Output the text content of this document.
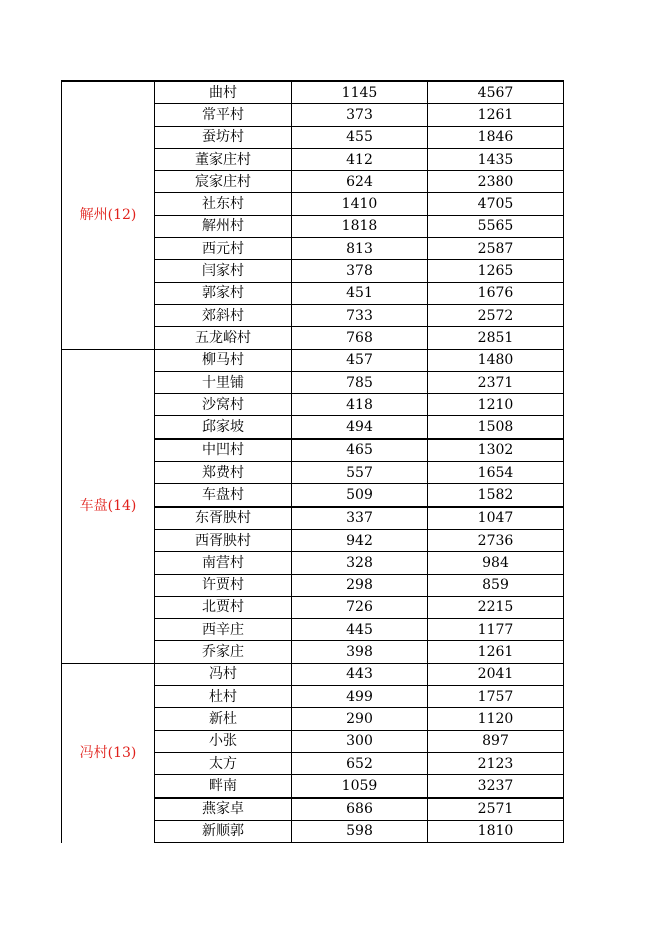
解州(12)	曲村	1145	4567
	常平村	373	1261
	蚕坊村	455	1846
	董家庄村	412	1435
	宸家庄村	624	2380
	社东村	1410	4705
	解州村	1818	5565
	西元村	813	2587
	闫家村	378	1265
	郭家村	451	1676
	郊斜村	733	2572
	五龙峪村	768	2851
车盘(14)	柳马村	457	1480
	十里铺	785	2371
	沙窝村	418	1210
	邱家坡	494	1508
	中凹村	465	1302
	郑费村	557	1654
	车盘村	509	1582
	东胥胦村	337	1047
	西胥胦村	942	2736
	南营村	328	984
	许贾村	298	859
	北贾村	726	2215
	西辛庄	445	1177
	乔家庄	398	1261
冯村(13)	冯村	443	2041
	杜村	499	1757
	新杜	290	1120
	小张	300	897
	太方	652	2123
	畔南	1059	3237
	燕家卓	686	2571
	新顺郭	598	1810
